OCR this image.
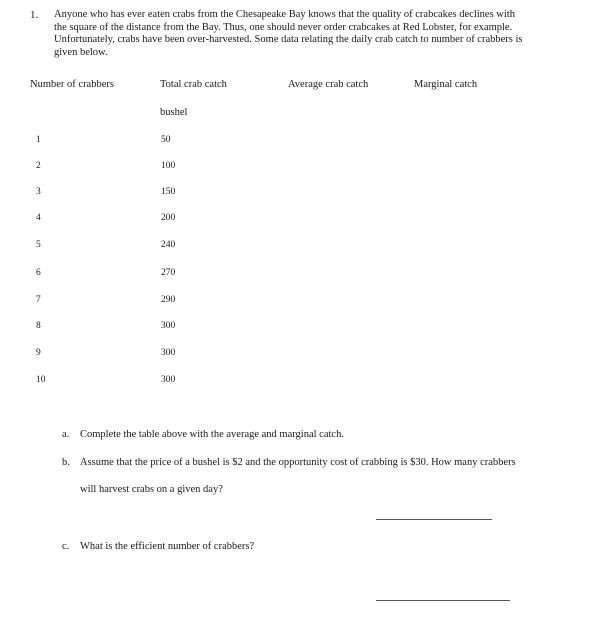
1. Anyone who has ever eaten crabs from the Chesapeake Bay knows that the quality of crabcakes declines with
the square of the distance from the Bay. Thus, one should never order crabcakes at Red Lobster, for example.
Unfortunately, crabs have been over-harvested. Some data relating the daily crab catch to number of crabbers is
given below.
Number of crabbers	Total crab catch	Average crab catch	Marginal catch
bushel
1	50
2	100
3	150
4	200
5	240
6	270
7	290
8	300
9	300
10	300
a. Complete the table above with the average and marginal catch.
b. Assume that the price of a bushel is $2 and the opportunity cost of crabbing is $30. How many crabbers
will harvest crabs on a given day?
c. What is the efficient number of crabbers?
